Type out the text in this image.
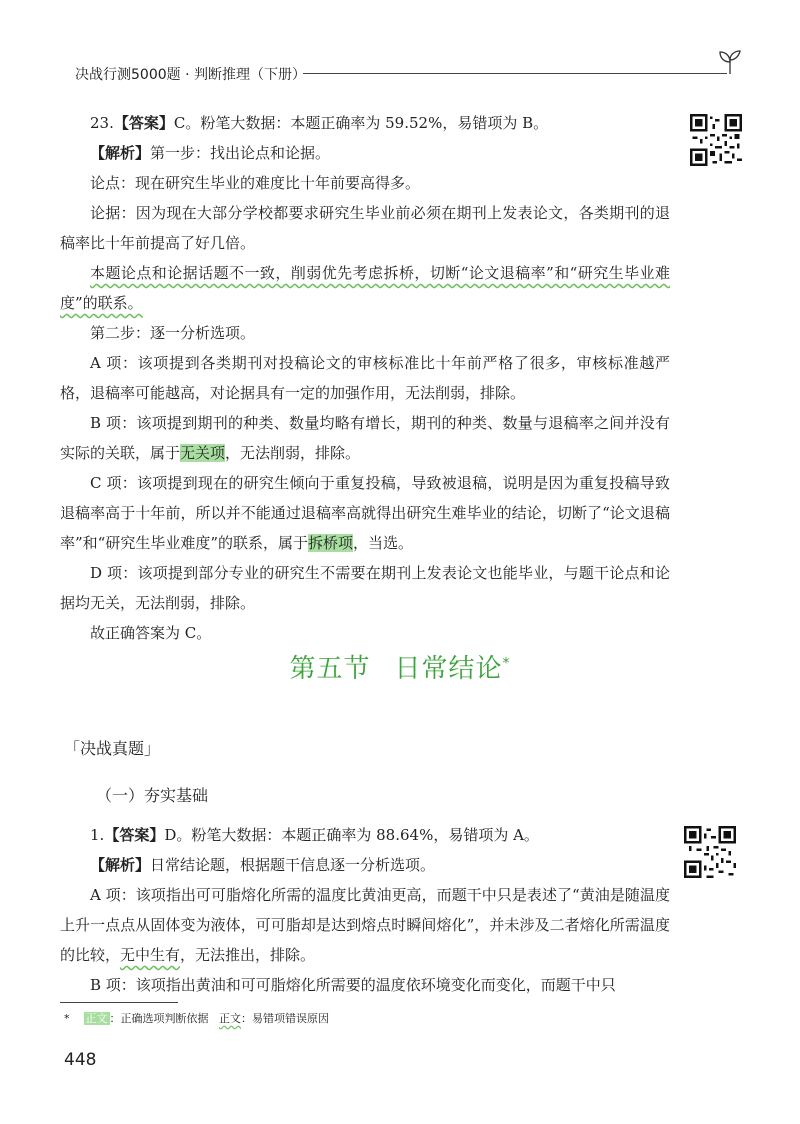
决战行测5000题 · 判断推理（下册）

23.【答案】C。粉笔大数据：本题正确率为 59.52%，易错项为 B。

【解析】第一步：找出论点和论据。

论点：现在研究生毕业的难度比十年前要高得多。

论据：因为现在大部分学校都要求研究生毕业前必须在期刊上发表论文，各类期刊的退稿率比十年前提高了好几倍。

本题论点和论据话题不一致，削弱优先考虑拆桥，切断“论文退稿率”和“研究生毕业难度”的联系。

第二步：逐一分析选项。

A 项：该项提到各类期刊对投稿论文的审核标准比十年前严格了很多，审核标准越严格，退稿率可能越高，对论据具有一定的加强作用，无法削弱，排除。

B 项：该项提到期刊的种类、数量均略有增长，期刊的种类、数量与退稿率之间并没有实际的关联，属于无关项，无法削弱，排除。

C 项：该项提到现在的研究生倾向于重复投稿，导致被退稿，说明是因为重复投稿导致退稿率高于十年前，所以并不能通过退稿率高就得出研究生难毕业的结论，切断了“论文退稿率”和“研究生毕业难度”的联系，属于拆桥项，当选。

D 项：该项提到部分专业的研究生不需要在期刊上发表论文也能毕业，与题干论点和论据均无关，无法削弱，排除。

故正确答案为 C。

第五节 日常结论*
「决战真题」
（一）夯实基础

1.【答案】D。粉笔大数据：本题正确率为 88.64%，易错项为 A。

【解析】日常结论题，根据题干信息逐一分析选项。

A 项：该项指出可可脂熔化所需的温度比黄油更高，而题干中只是表述了“黄油是随温度上升一点点从固体变为液体，可可脂却是达到熔点时瞬间熔化”，并未涉及二者熔化所需温度的比较，无中生有，无法推出，排除。

B 项：该项指出黄油和可可脂熔化所需要的温度依环境变化而变化，而题干中只

* 正文 ：正确选项判断依据 正文：易错项错误原因
448
